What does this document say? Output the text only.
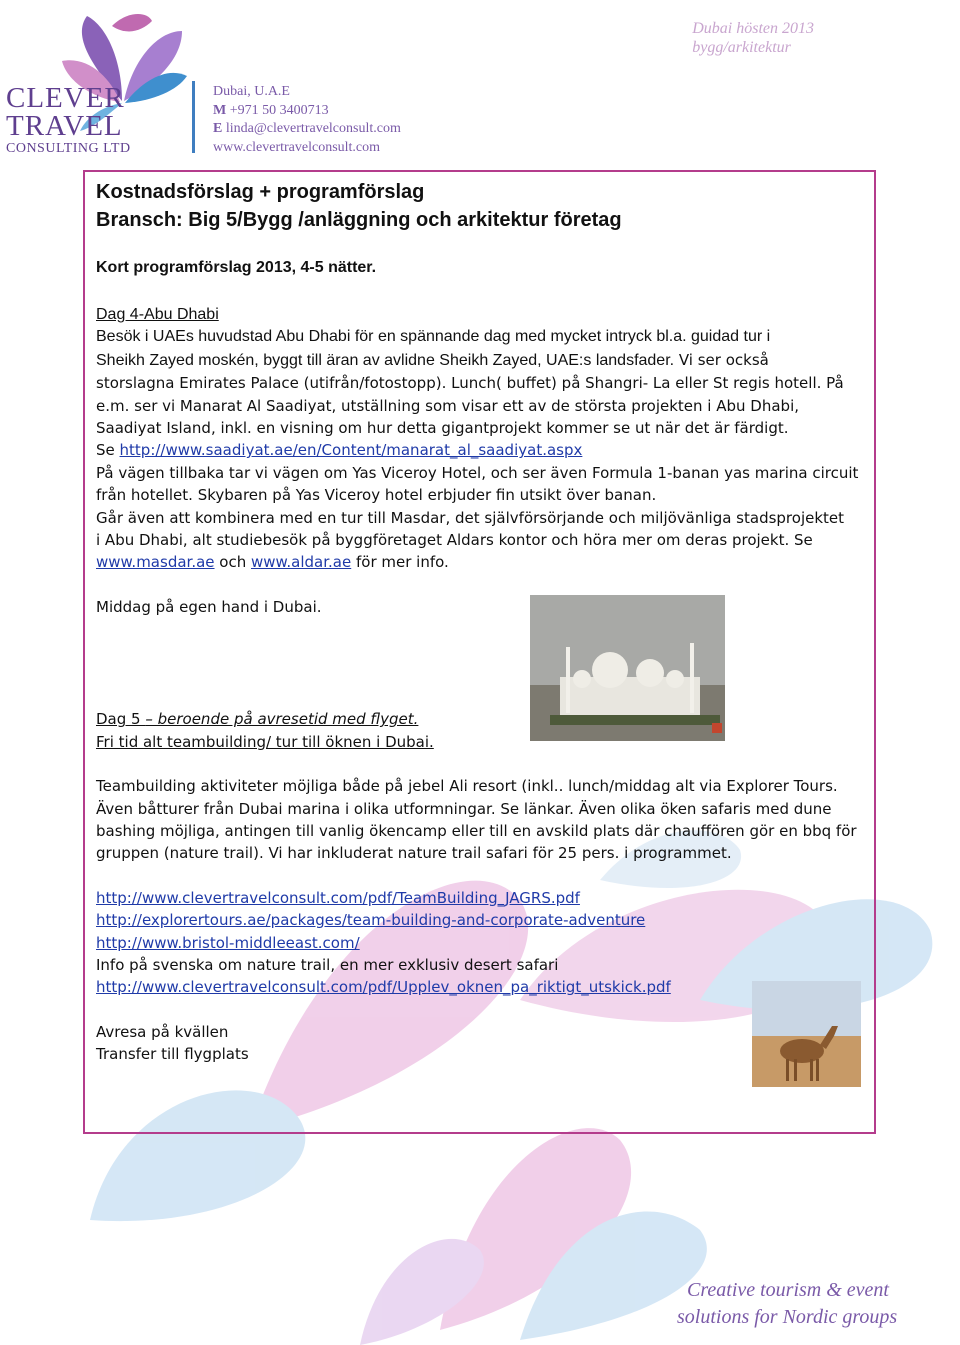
CLEVER
TRAVEL
CONSULTING LTD
Dubai, U.A.E
M +971 50 3400713
E linda@clevertravelconsult.com
www.clevertravelconsult.com
Dubai hösten 2013
bygg/arkitektur
Kostnadsförslag + programförslag
Bransch: Big 5/Bygg /anläggning och arkitektur företag
Kort programförslag 2013, 4-5 nätter.
Dag 4-Abu Dhabi
Besök i UAEs huvudstad Abu Dhabi för en spännande dag med mycket intryck bl.a. guidad tur i
Sheikh Zayed moskén, byggt till äran av avlidne Sheikh Zayed, UAE:s landsfader. Vi ser också
storslagna Emirates Palace (utifrån/fotostopp). Lunch( buffet) på Shangri- La eller St regis hotell. På
e.m. ser vi Manarat Al Saadiyat, utställning som visar ett av de största projekten i Abu Dhabi,
Saadiyat Island, inkl. en visning om hur detta gigantprojekt kommer se ut när det är färdigt.
Se http://www.saadiyat.ae/en/Content/manarat_al_saadiyat.aspx
På vägen tillbaka tar vi vägen om Yas Viceroy Hotel, och ser även Formula 1-banan yas marina circuit
från hotellet. Skybaren på Yas Viceroy hotel erbjuder fin utsikt över banan.
Går även att kombinera med en tur till Masdar, det självförsörjande och miljövänliga stadsprojektet
i Abu Dhabi, alt studiebesök på byggföretaget Aldars kontor och höra mer om deras projekt. Se
www.masdar.ae och www.aldar.ae för mer info.
Middag på egen hand i Dubai.
Dag 5 – beroende på avresetid med flyget.
Fri tid alt teambuilding/ tur till öknen i Dubai.
Teambuilding aktiviteter möjliga både på jebel Ali resort (inkl.. lunch/middag alt via Explorer Tours.
Även båtturer från Dubai marina i olika utformningar. Se länkar. Även olika öken safaris med dune
bashing möjliga, antingen till vanlig ökencamp eller till en avskild plats där chauffören gör en bbq för
gruppen (nature trail). Vi har inkluderat nature trail safari för 25 pers. i programmet.
http://www.clevertravelconsult.com/pdf/TeamBuilding_JAGRS.pdf
http://explorertours.ae/packages/team-building-and-corporate-adventure
http://www.bristol-middleeast.com/
Info på svenska om nature trail, en mer exklusiv desert safari
http://www.clevertravelconsult.com/pdf/Upplev_oknen_pa_riktigt_utskick.pdf
Avresa på kvällen
Transfer till flygplats
Creative tourism & event
solutions for Nordic groups
